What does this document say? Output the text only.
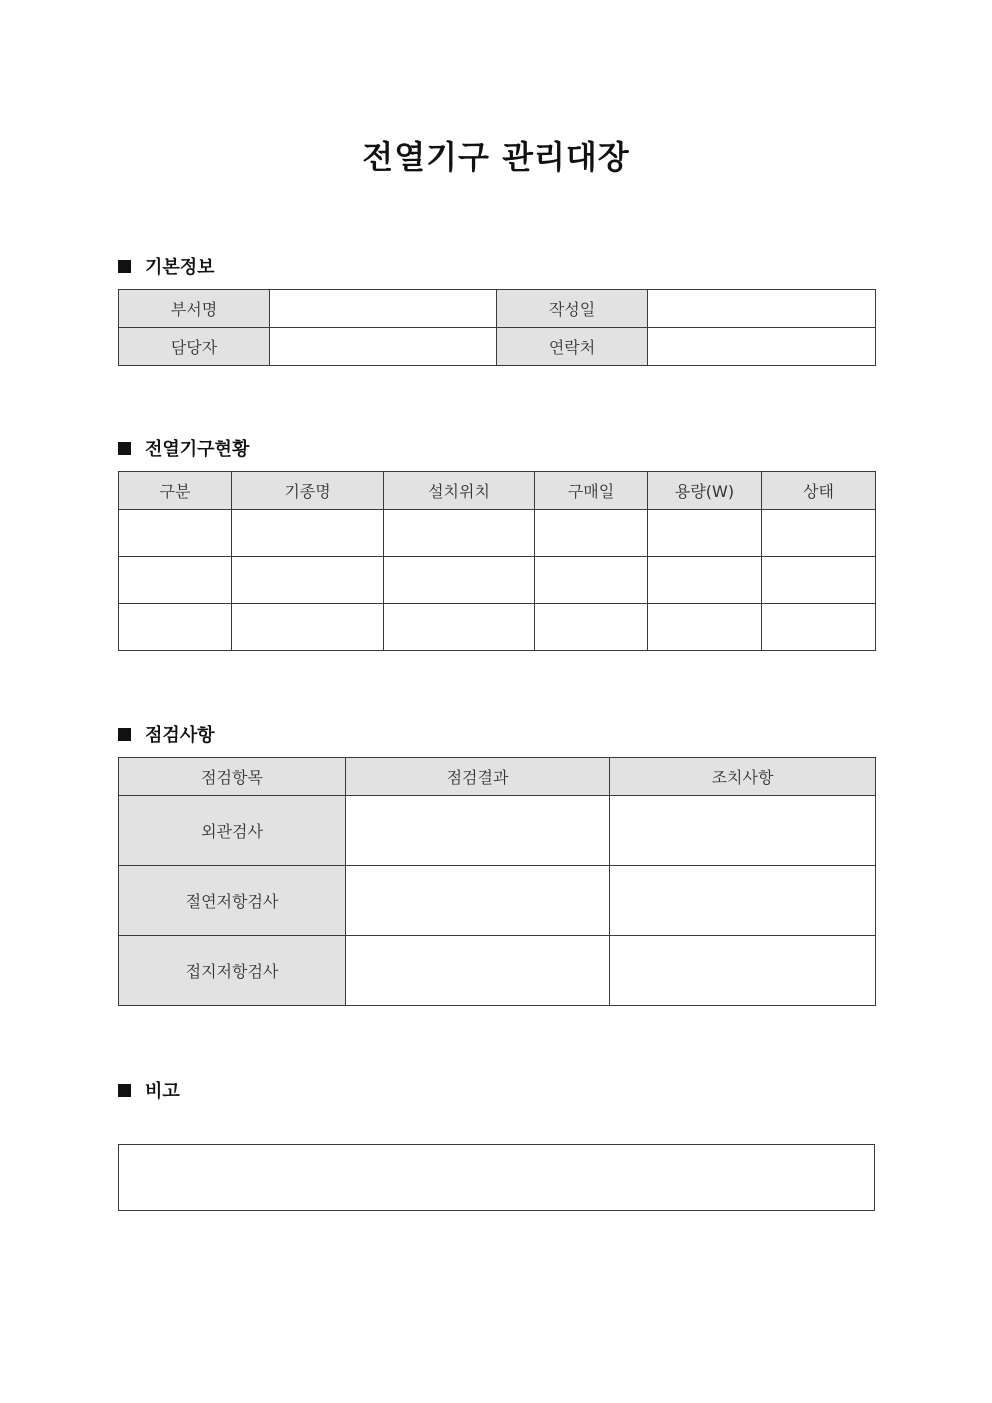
전열기구 관리대장
기본정보
부서명		작성일	
담당자		연락처	
전열기구현황
구분	기종명	설치위치	구매일	용량(W)	상태

점검사항
점검항목	점검결과	조치사항
외관검사		
절연저항검사		
접지저항검사		
비고
